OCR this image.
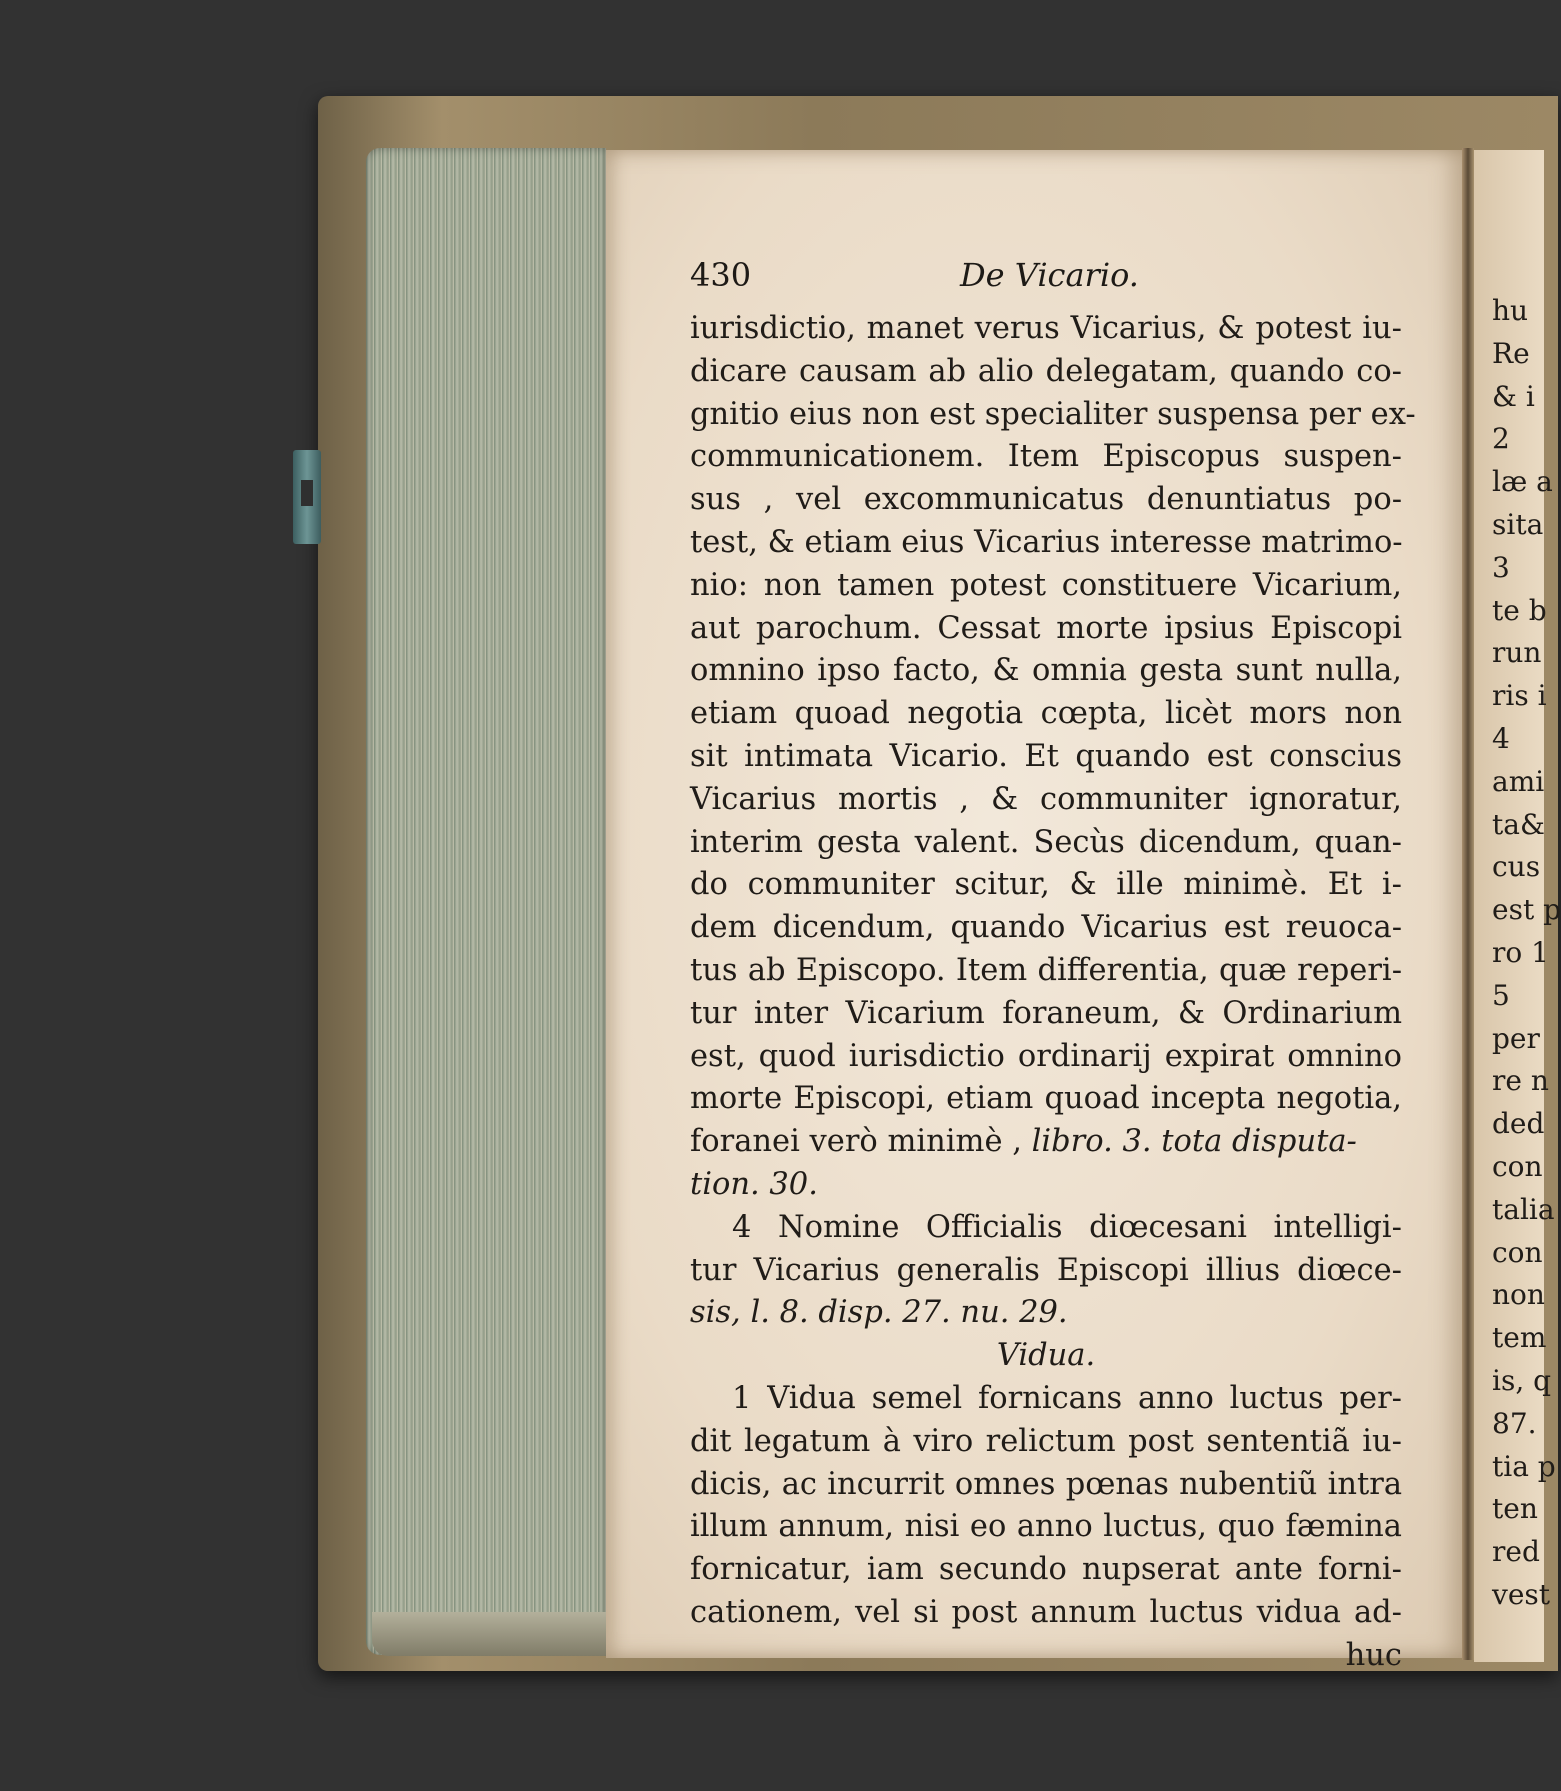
430	De Vicario.
iurisdictio, manet verus Vicarius, & potest iu-
dicare causam ab alio delegatam, quando co-
gnitio eius non est specialiter suspensa per ex-
communicationem. Item Episcopus suspen-
sus , vel excommunicatus denuntiatus po-
test, & etiam eius Vicarius interesse matrimo-
nio: non tamen potest constituere Vicarium,
aut parochum. Cessat morte ipsius Episcopi
omnino ipso facto, & omnia gesta sunt nulla,
etiam quoad negotia cœpta, licèt mors non
sit intimata Vicario. Et quando est conscius
Vicarius mortis , & communiter ignoratur,
interim gesta valent. Secùs dicendum, quan-
do communiter scitur, & ille minimè. Et i-
dem dicendum, quando Vicarius est reuoca-
tus ab Episcopo. Item differentia, quæ reperi-
tur inter Vicarium foraneum, & Ordinarium
est, quod iurisdictio ordinarij expirat omnino
morte Episcopi, etiam quoad incepta negotia,
foranei verò minimè , libro. 3. tota disputa-
tion. 30.
4 Nomine Officialis diœcesani intelligi-
tur Vicarius generalis Episcopi illius diœce-
sis, l. 8. disp. 27. nu. 29.
Vidua.
1 Vidua semel fornicans anno luctus per-
dit legatum à viro relictum post sententiã iu-
dicis, ac incurrit omnes pœnas nubentiũ intra
illum annum, nisi eo anno luctus, quo fæmina
fornicatur, iam secundo nupserat ante forni-
cationem, vel si post annum luctus vidua ad-
huc
hu
Re
& i
2
læ a
sita
3
te b
run
ris i
4
ami
ta&
cus
est p
ro 1
5
per
re n
ded
con
talia
con
non
tem
is, q
87.
tia p
ten
red
vest
